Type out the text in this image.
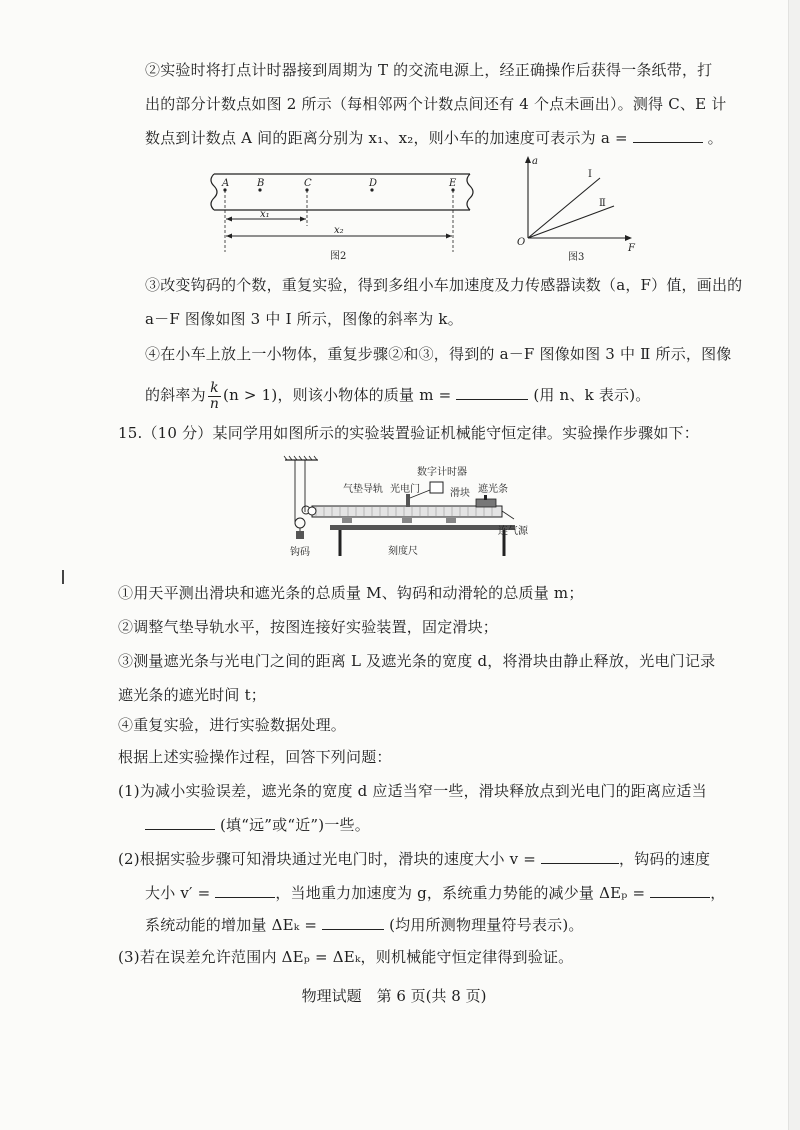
②实验时将打点计时器接到周期为 T 的交流电源上，经正确操作后获得一条纸带，打
出的部分计数点如图 2 所示（每相邻两个计数点间还有 4 个点未画出）。测得 C、E 计
数点到计数点 A 间的距离分别为 x₁、x₂，则小车的加速度可表示为 a =	。
A	B	C	D	E
x₁
x₂
图2
a
F
O
Ⅰ
Ⅱ
图3
③改变钩码的个数，重复实验，得到多组小车加速度及力传感器读数（a，F）值，画出的
a－F 图像如图 3 中 Ⅰ 所示，图像的斜率为 k。
④在小车上放上一小物体，重复步骤②和③，得到的 a－F 图像如图 3 中 Ⅱ 所示，图像
的斜率为 $\frac{k}{n} (n > 1)$，则该小物体的质量 m =	(用 n、k 表示)。
15.（10 分）某同学用如图所示的实验装置验证机械能守恒定律。实验操作步骤如下：
气垫导轨 光电门
数字计时器
滑块 遮光条
连气源
刻度尺
钩码
①用天平测出滑块和遮光条的总质量 M、钩码和动滑轮的总质量 m；
②调整气垫导轨水平，按图连接好实验装置，固定滑块；
③测量遮光条与光电门之间的距离 L 及遮光条的宽度 d，将滑块由静止释放，光电门记录
遮光条的遮光时间 t；
④重复实验，进行实验数据处理。
根据上述实验操作过程，回答下列问题：
(1)为减小实验误差，遮光条的宽度 d 应适当窄一些，滑块释放点到光电门的距离应适当
(填“远”或“近”)一些。
(2)根据实验步骤可知滑块通过光电门时，滑块的速度大小 v =	，钩码的速度
大小 v′ =	，当地重力加速度为 g，系统重力势能的减少量 ΔEₚ =	，
系统动能的增加量 ΔEₖ =	(均用所测物理量符号表示)。
(3)若在误差允许范围内 ΔEₚ = ΔEₖ，则机械能守恒定律得到验证。
物理试题　第 6 页(共 8 页)
